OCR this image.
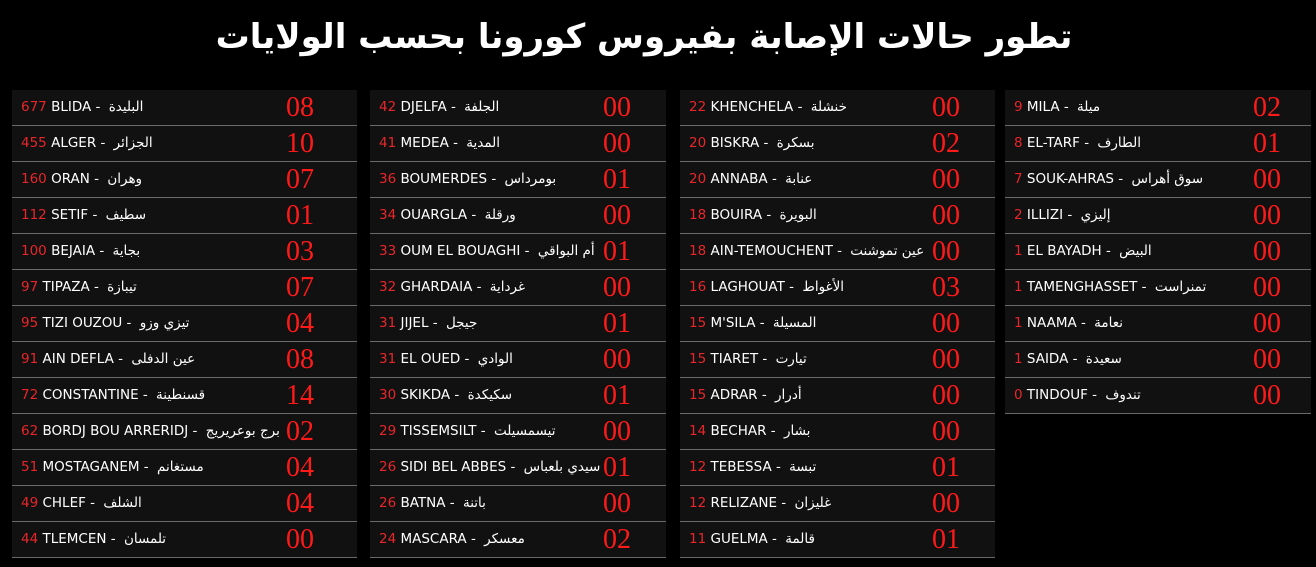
تطور حالات الإصابة بفيروس كورونا بحسب الولايات
677 BLIDA - البليدة	08
455 ALGER - الجزائر	10
160 ORAN - وهران	07
112 SETIF - سطيف	01
100 BEJAIA - بجاية	03
97 TIPAZA - تيبازة	07
95 TIZI OUZOU - تيزي وزو	04
91 AIN DEFLA - عين الدفلى	08
72 CONSTANTINE - قسنطينة	14
62 BORDJ BOU ARRERIDJ - برج بوعريريج 02
51 MOSTAGANEM - مستغانم	04
49 CHLEF - الشلف	04
44 TLEMCEN - تلمسان	00
42 DJELFA - الجلفة	00
41 MEDEA - المدية	00
36 BOUMERDES - بومرداس 01
34 OUARGLA - ورقلة	00
33 OUM EL BOUAGHI - أم البواقي 01
32 GHARDAIA - غرداية	00
31 JIJEL - جيجل	01
31 EL OUED - الوادي	00
30 SKIKDA - سكيكدة	01
29 TISSEMSILT - تيسمسيلت 00
26 SIDI BEL ABBES - سيدي بلعباس 01
26 BATNA - باتنة	00
24 MASCARA - معسكر	02
22 KHENCHELA - خنشلة	00
20 BISKRA - بسكرة	02
20 ANNABA - عنابة	00
18 BOUIRA - البويرة	00
18 AIN-TEMOUCHENT - عين تموشنت 00
16 LAGHOUAT - الأغواط	03
15 M'SILA - المسيلة	00
15 TIARET - تيارت	00
15 ADRAR - أدرار	00
14 BECHAR - بشار	00
12 TEBESSA - تبسة	01
12 RELIZANE - غليزان	00
11 GUELMA - قالمة	01
9 MILA - ميلة	02
8 EL-TARF - الطارف	01
7 SOUK-AHRAS - سوق أهراس 00
2 ILLIZI - إليزي	00
1 EL BAYADH - البيض	00
1 TAMENGHASSET - تمنراست 00
1 NAAMA - نعامة	00
1 SAIDA - سعيدة	00
0 TINDOUF - تندوف	00
